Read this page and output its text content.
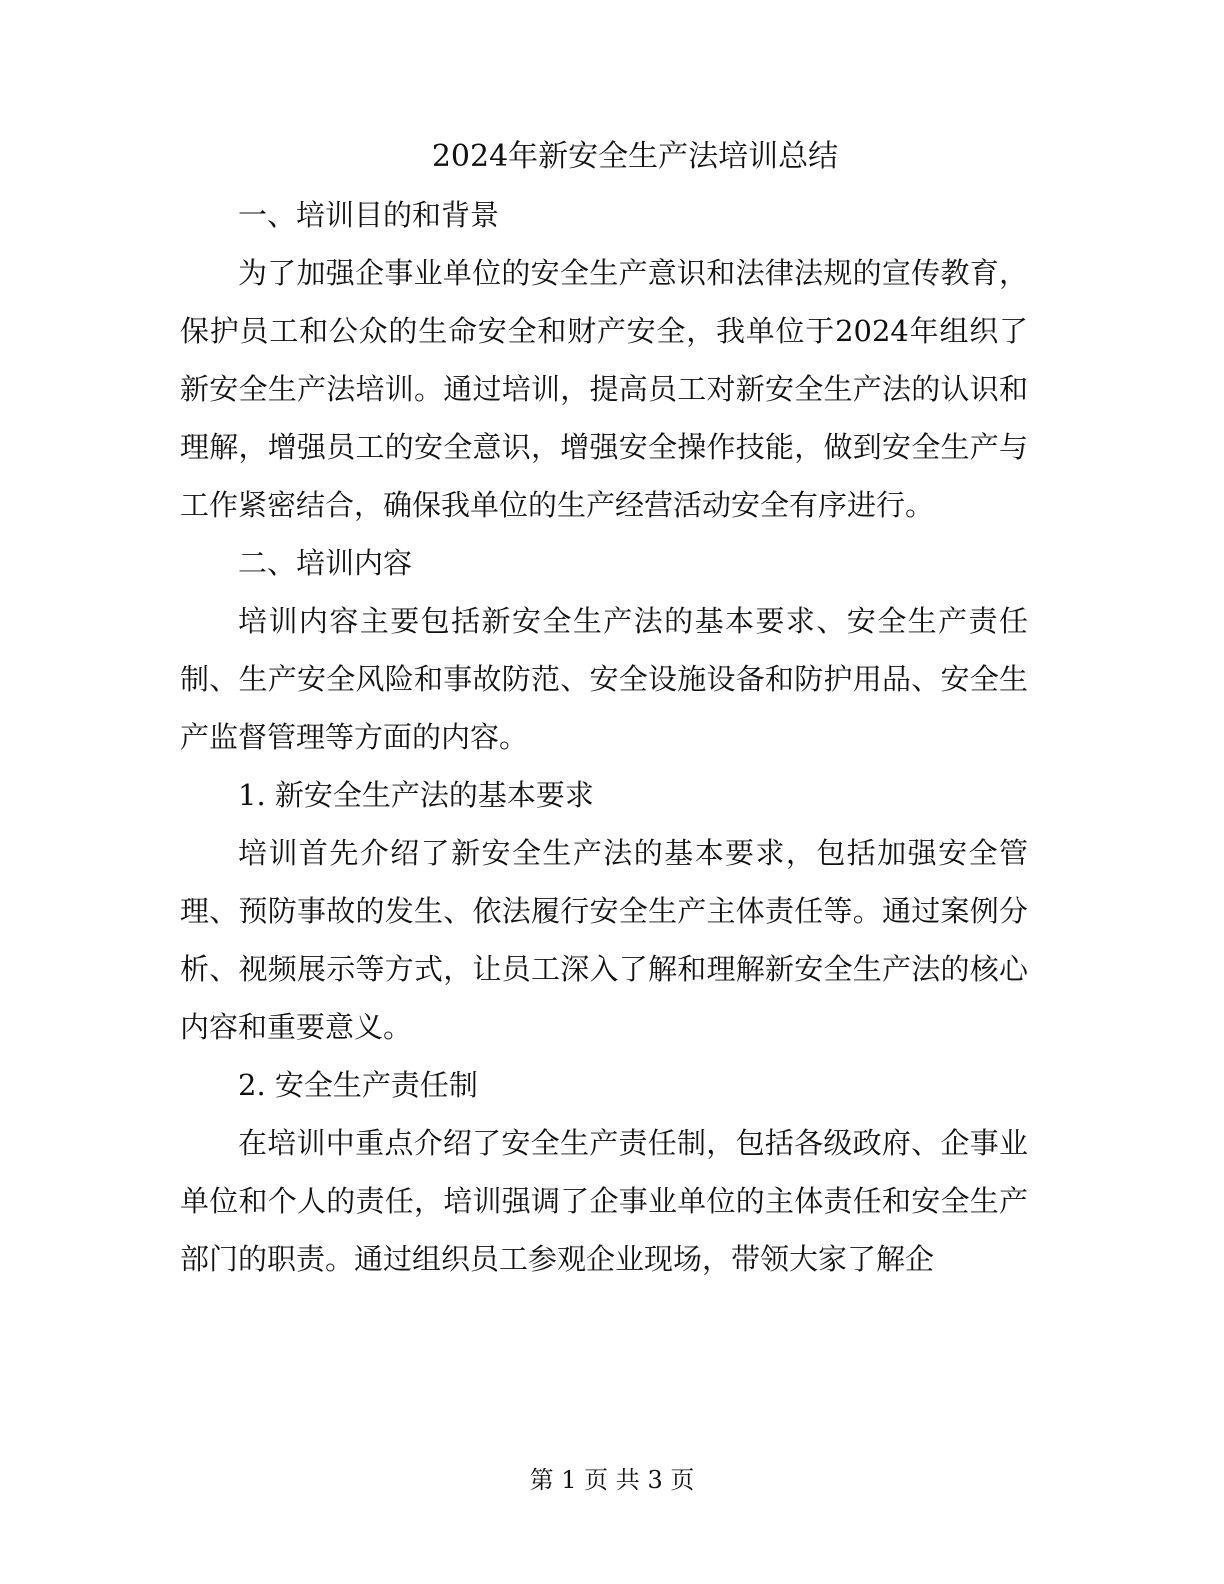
2024年新安全生产法培训总结

一、培训目的和背景

为了加强企事业单位的安全生产意识和法律法规的宣传教育，保护员工和公众的生命安全和财产安全，我单位于2024年组织了新安全生产法培训。通过培训，提高员工对新安全生产法的认识和理解，增强员工的安全意识，增强安全操作技能，做到安全生产与工作紧密结合，确保我单位的生产经营活动安全有序进行。

二、培训内容

培训内容主要包括新安全生产法的基本要求、安全生产责任制、生产安全风险和事故防范、安全设施设备和防护用品、安全生产监督管理等方面的内容。

1. 新安全生产法的基本要求

培训首先介绍了新安全生产法的基本要求，包括加强安全管理、预防事故的发生、依法履行安全生产主体责任等。通过案例分析、视频展示等方式，让员工深入了解和理解新安全生产法的核心内容和重要意义。

2. 安全生产责任制

在培训中重点介绍了安全生产责任制，包括各级政府、企事业单位和个人的责任，培训强调了企事业单位的主体责任和安全生产部门的职责。通过组织员工参观企业现场，带领大家了解企

第 1 页 共 3 页
